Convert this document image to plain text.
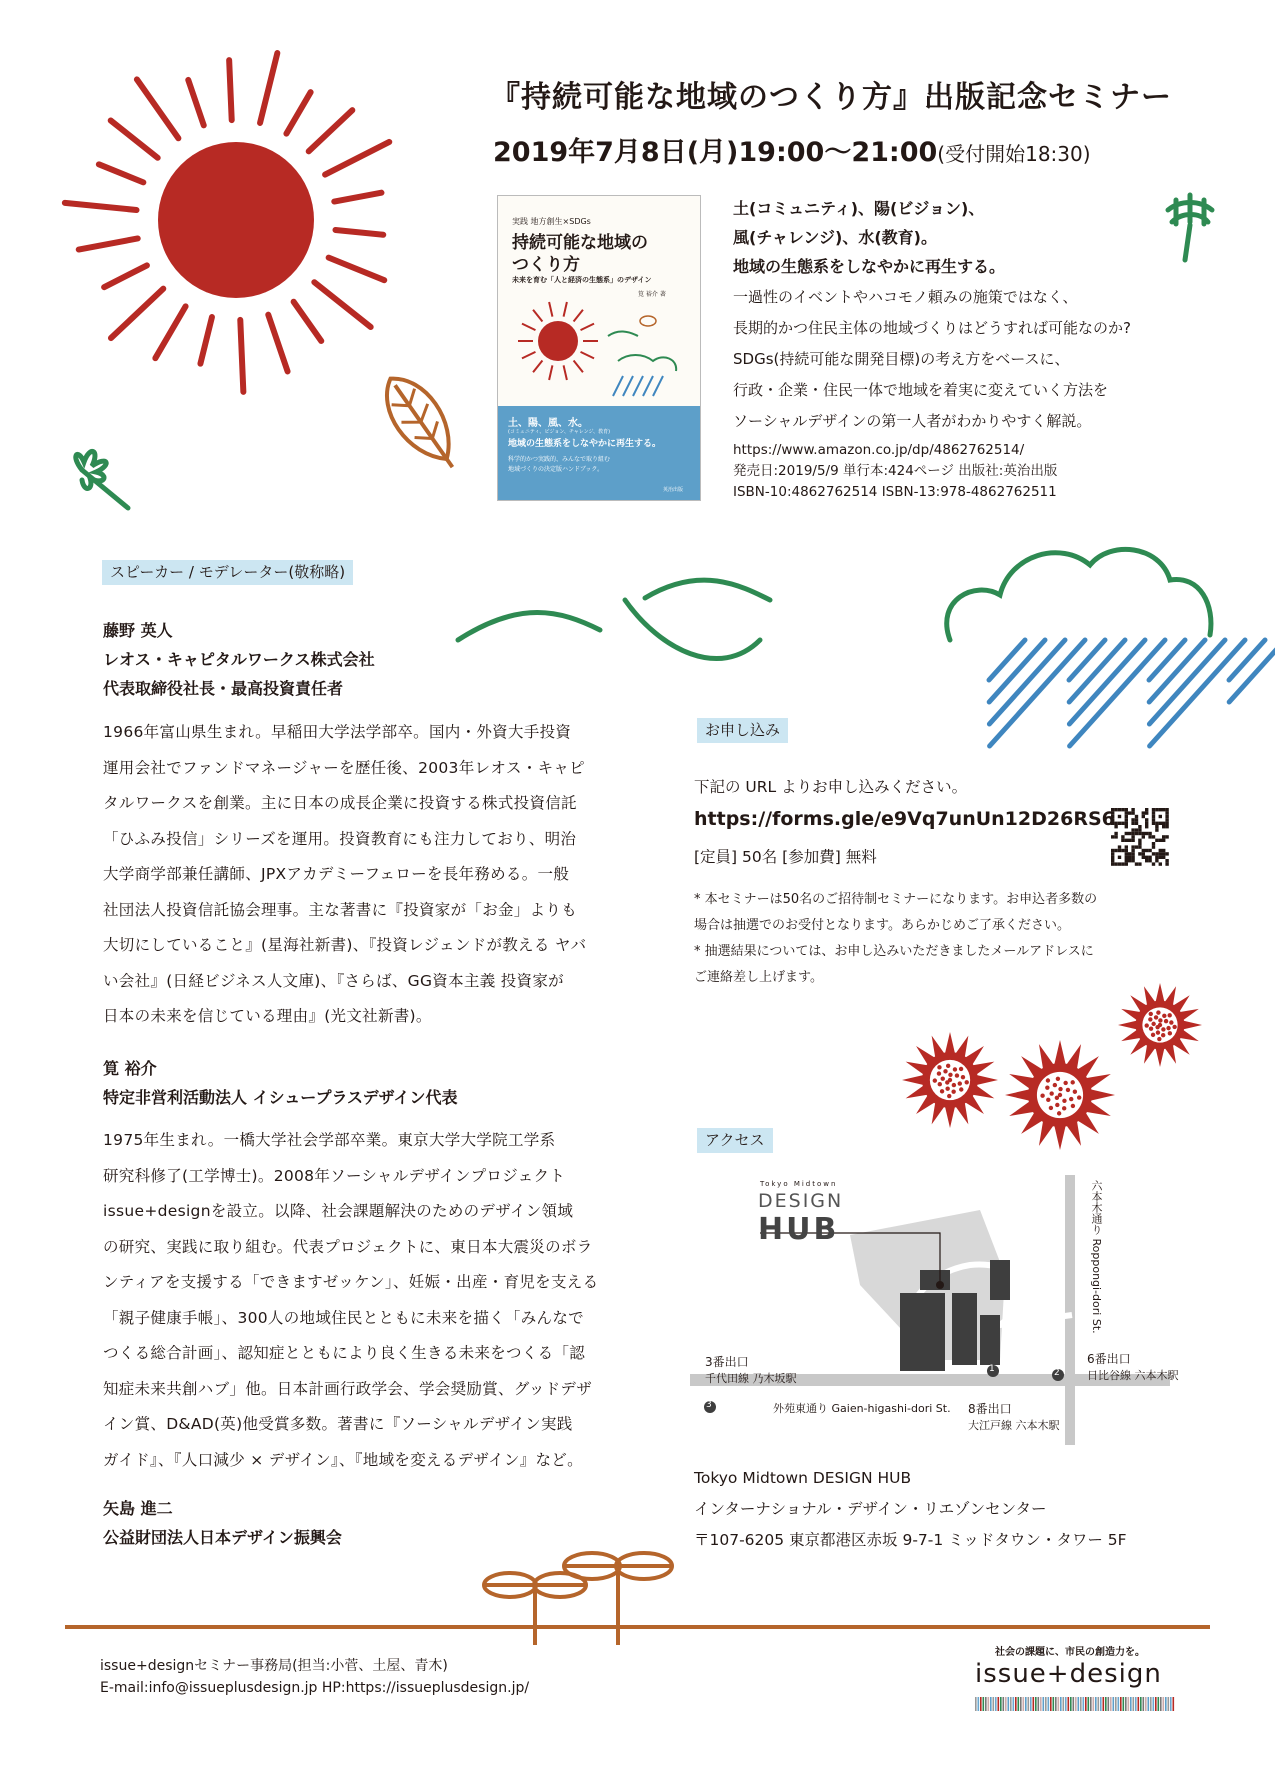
実践 地方創生×SDGs
持続可能な地域の
つくり方
未来を育む「人と経済の生態系」のデザイン
筧 裕介 著
土、陽、風、水。
(コミュニティ、ビジョン、チャレンジ、教育)
地域の生態系をしなやかに再生する。
科学的かつ実践的、みんなで取り組む
地域づくりの決定版ハンドブック。
英治出版
『持続可能な地域のつくり方』出版記念セミナー
2019年7月8日(月)19:00〜21:00(受付開始18:30)

土(コミュニティ)、陽(ビジョン)、

風(チャレンジ)、水(教育)。

地域の生態系をしなやかに再生する。

一過性のイベントやハコモノ頼みの施策ではなく、

長期的かつ住民主体の地域づくりはどうすれば可能なのか?

SDGs(持続可能な開発目標)の考え方をベースに、

行政・企業・住民一体で地域を着実に変えていく方法を

ソーシャルデザインの第一人者がわかりやすく解説。

https://www.amazon.co.jp/dp/4862762514/

発売日:2019/5/9 単行本:424ページ 出版社:英治出版

ISBN-10:4862762514 ISBN-13:978-4862762511

スピーカー / モデレーター(敬称略)
藤野 英人
レオス・キャピタルワークス株式会社
代表取締役社長・最高投資責任者

1966年富山県生まれ。早稲田大学法学部卒。国内・外資大手投資

運用会社でファンドマネージャーを歴任後、2003年レオス・キャピ

タルワークスを創業。主に日本の成長企業に投資する株式投資信託

「ひふみ投信」シリーズを運用。投資教育にも注力しており、明治

大学商学部兼任講師、JPXアカデミーフェローを長年務める。一般

社団法人投資信託協会理事。主な著書に『投資家が「お金」よりも

大切にしていること』(星海社新書)、『投資レジェンドが教える ヤバ

い会社』(日経ビジネス人文庫)、『さらば、GG資本主義 投資家が

日本の未来を信じている理由』(光文社新書)。

筧 裕介
特定非営利活動法人 イシュープラスデザイン代表

1975年生まれ。一橋大学社会学部卒業。東京大学大学院工学系

研究科修了(工学博士)。2008年ソーシャルデザインプロジェクト

issue+designを設立。以降、社会課題解決のためのデザイン領域

の研究、実践に取り組む。代表プロジェクトに、東日本大震災のボラ

ンティアを支援する「できますゼッケン」、妊娠・出産・育児を支える

「親子健康手帳」、300人の地域住民とともに未来を描く「みんなで

つくる総合計画」、認知症とともにより良く生きる未来をつくる「認

知症未来共創ハブ」他。日本計画行政学会、学会奨励賞、グッドデザ

イン賞、D&AD(英)他受賞多数。著書に『ソーシャルデザイン実践

ガイド』、『人口減少 × デザイン』、『地域を変えるデザイン』など。

矢島 進二
公益財団法人日本デザイン振興会
お申し込み
下記の URL よりお申し込みください。
https://forms.gle/e9Vq7unUn12D26RS6
[定員] 50名 [参加費] 無料

* 本セミナーは50名のご招待制セミナーになります。お申込者多数の

場合は抽選でのお受付となります。あらかじめご了承ください。

* 抽選結果については、お申し込みいただきましたメールアドレスに

ご連絡差し上げます。

アクセス
Tokyo Midtown
DESIGN
HUB	六本木通り Roppongi-dori St.
3番出口
千代田線 乃木坂駅
6番出口
日比谷線 六本木駅
8番出口
大江戸線 六本木駅
外苑東通り Gaien-higashi-dori St.
1	2
3

Tokyo Midtown DESIGN HUB

インターナショナル・デザイン・リエゾンセンター

〒107-6205 東京都港区赤坂 9-7-1 ミッドタウン・タワー 5F

issue+designセミナー事務局(担当:小菅、土屋、青木)

E-mail:info@issueplusdesign.jp HP:https://issueplusdesign.jp/

社会の課題に、市民の創造力を。
issue+design
